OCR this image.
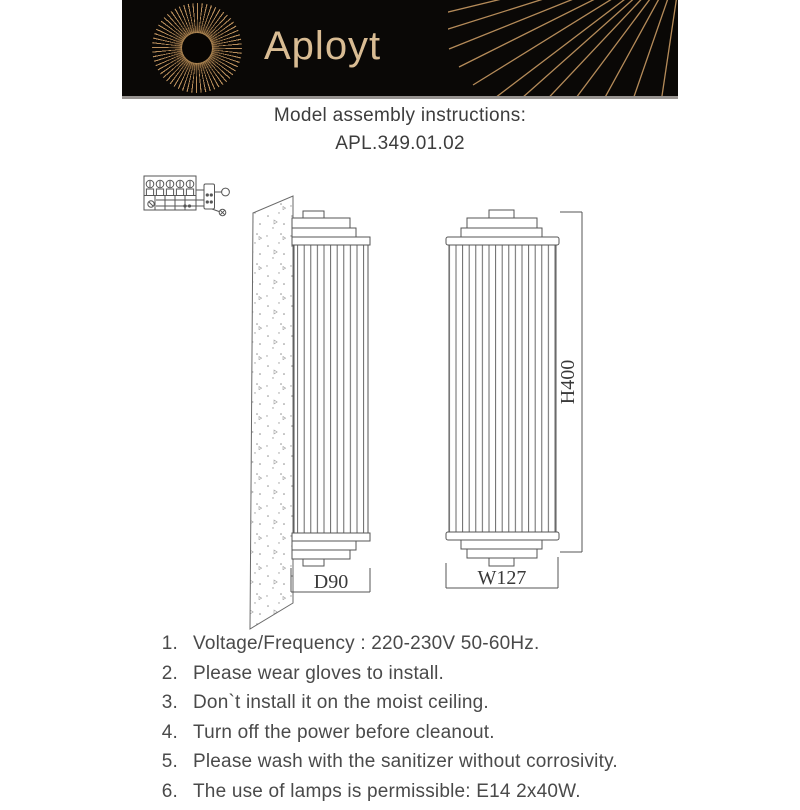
Aployt
Model assembly instructions:
APL.349.01.02
D90	W127
H400
1. Voltage/Frequency : 220-230V 50-60Hz.
2. Please wear gloves to install.
3. Don`t install it on the moist ceiling.
4. Turn off the power before cleanout.
5. Please wash with the sanitizer without corrosivity.
6. The use of lamps is permissible: E14 2x40W.
